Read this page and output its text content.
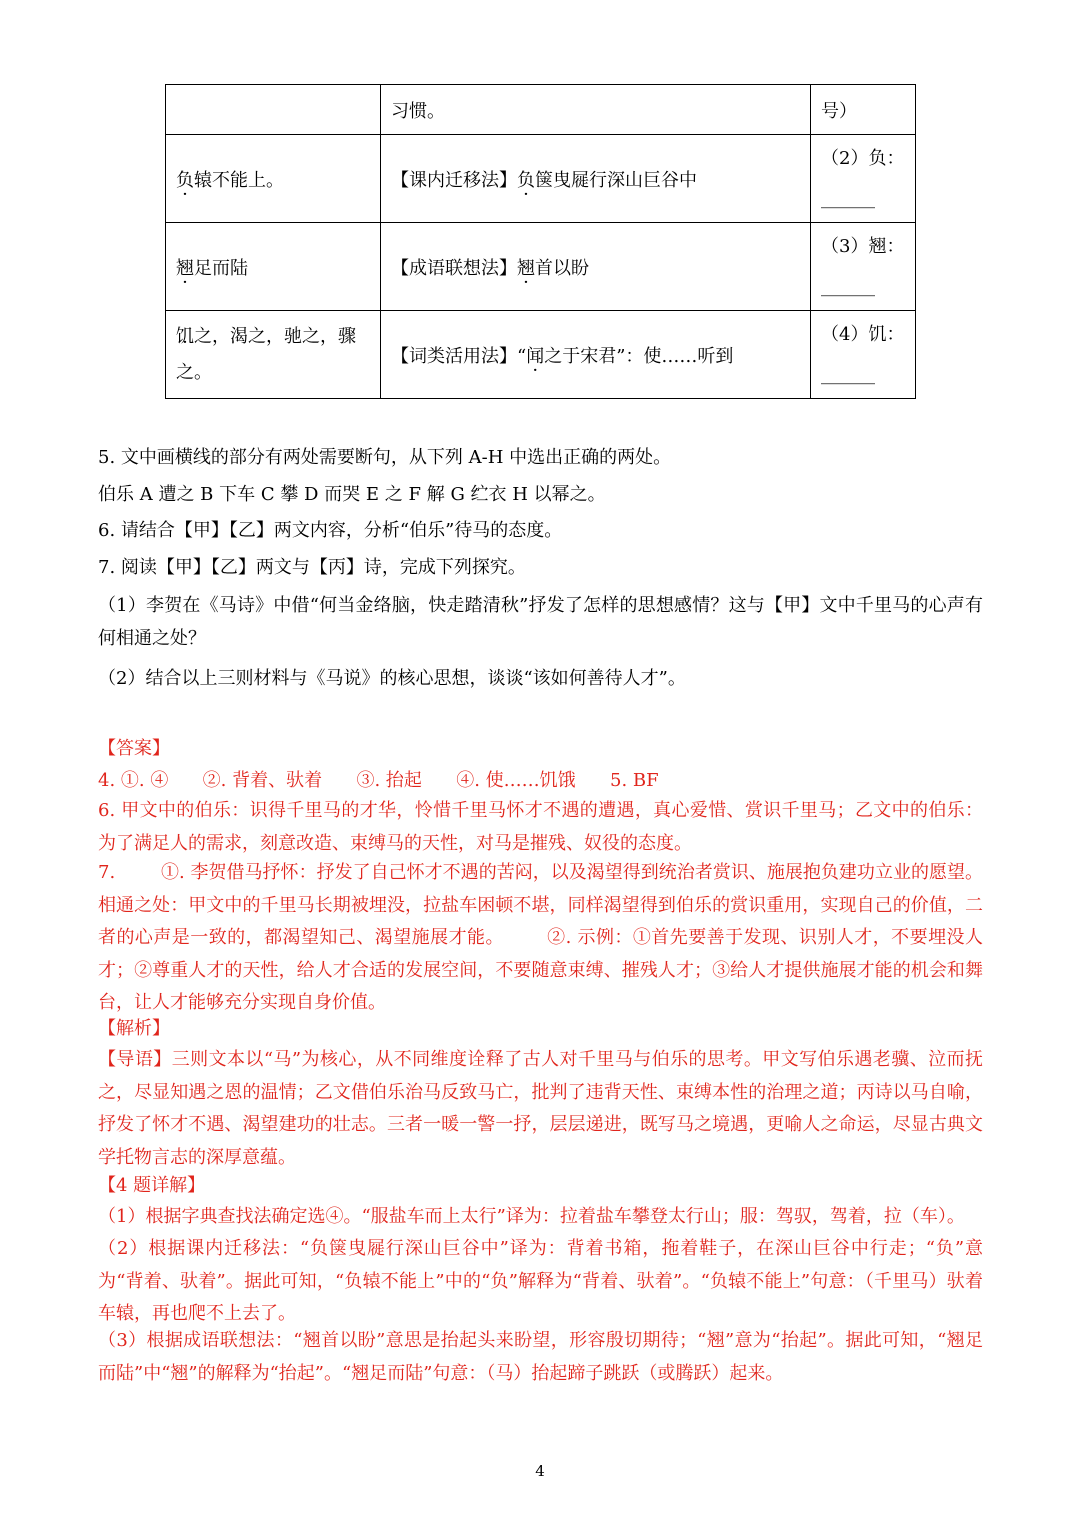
	习惯。	号）
负辕不能上。	【课内迁移法】负箧曳屣行深山巨谷中	（2）负：
______

翘足而陆	【成语联想法】翘首以盼	（3）翘：
______

饥之，渴之，驰之，骤之。	【词类活用法】“闻之于宋君”：使……听到	（4）饥：
______
5. 文中画横线的部分有两处需要断句，从下列 A-H 中选出正确的两处。
伯乐 A 遭之 B 下车 C 攀 D 而哭 E 之 F 解 G 纻衣 H 以幂之。
6. 请结合【甲】【乙】两文内容，分析“伯乐”待马的态度。
7. 阅读【甲】【乙】两文与【丙】诗，完成下列探究。
（1）李贺在《马诗》中借“何当金络脑，快走踏清秋”抒发了怎样的思想感情？这与【甲】文中千里马的心声有何相通之处？
（2）结合以上三则材料与《马说》的核心思想，谈谈“该如何善待人才”。
【答案】
4. ①. ④      ②. 背着、驮着      ③. 抬起      ④. 使……饥饿      5. BF
6. 甲文中的伯乐：识得千里马的才华，怜惜千里马怀才不遇的遭遇，真心爱惜、赏识千里马；乙文中的伯乐：为了满足人的需求，刻意改造、束缚马的天性，对马是摧残、奴役的态度。
7.        ①. 李贺借马抒怀：抒发了自己怀才不遇的苦闷，以及渴望得到统治者赏识、施展抱负建功立业的愿望。相通之处：甲文中的千里马长期被埋没，拉盐车困顿不堪，同样渴望得到伯乐的赏识重用，实现自己的价值，二者的心声是一致的，都渴望知己、渴望施展才能。       ②. 示例：①首先要善于发现、识别人才，不要埋没人才；②尊重人才的天性，给人才合适的发展空间，不要随意束缚、摧残人才；③给人才提供施展才能的机会和舞台，让人才能够充分实现自身价值。
【解析】
【导语】三则文本以“马”为核心，从不同维度诠释了古人对千里马与伯乐的思考。甲文写伯乐遇老骥、泣而抚之，尽显知遇之恩的温情；乙文借伯乐治马反致马亡，批判了违背天性、束缚本性的治理之道；丙诗以马自喻，抒发了怀才不遇、渴望建功的壮志。三者一暖一警一抒，层层递进，既写马之境遇，更喻人之命运，尽显古典文学托物言志的深厚意蕴。
【4 题详解】
（1）根据字典查找法确定选④。“服盐车而上太行”译为：拉着盐车攀登太行山；服：驾驭，驾着，拉（车）。
（2）根据课内迁移法：“负箧曳屣行深山巨谷中”译为：背着书箱，拖着鞋子，在深山巨谷中行走；“负”意为“背着、驮着”。据此可知，“负辕不能上”中的“负”解释为“背着、驮着”。“负辕不能上”句意：（千里马）驮着车辕，再也爬不上去了。
（3）根据成语联想法：“翘首以盼”意思是抬起头来盼望，形容殷切期待；“翘”意为“抬起”。据此可知，“翘足而陆”中“翘”的解释为“抬起”。“翘足而陆”句意：（马）抬起蹄子跳跃（或腾跃）起来。
4
